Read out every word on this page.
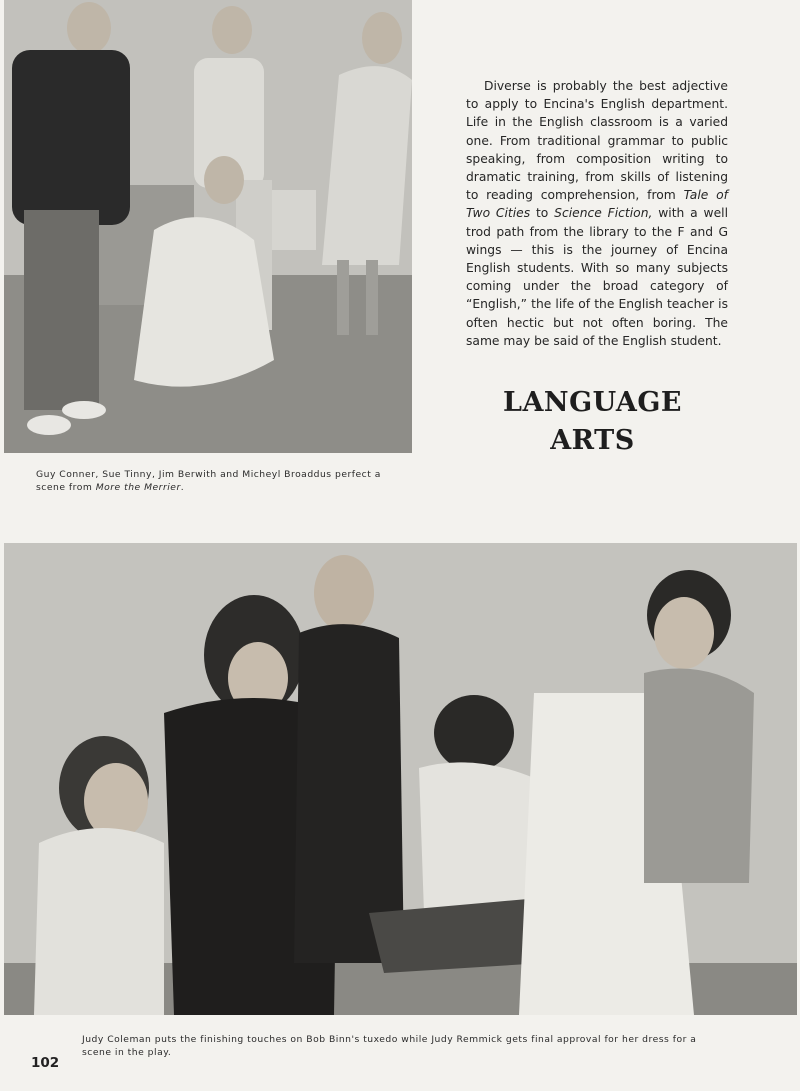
Guy Conner, Sue Tinny, Jim Berwith and Micheyl Broaddus perfect a scene from More the Merrier.
Diverse is probably the best adjective to apply to Encina's English department. Life in the English classroom is a varied one. From traditional grammar to public speaking, from composition writing to dramatic training, from skills of listening to reading comprehension, from Tale of Two Cities to Science Fiction, with a well trod path from the library to the F and G wings — this is the journey of Encina English students. With so many subjects coming under the broad category of “English,” the life of the English teacher is often hectic but not often boring. The same may be said of the English student.
LANGUAGE
ARTS
Judy Coleman puts the finishing touches on Bob Binn's tuxedo while Judy Remmick gets final approval for her dress for a scene in the play.
102
